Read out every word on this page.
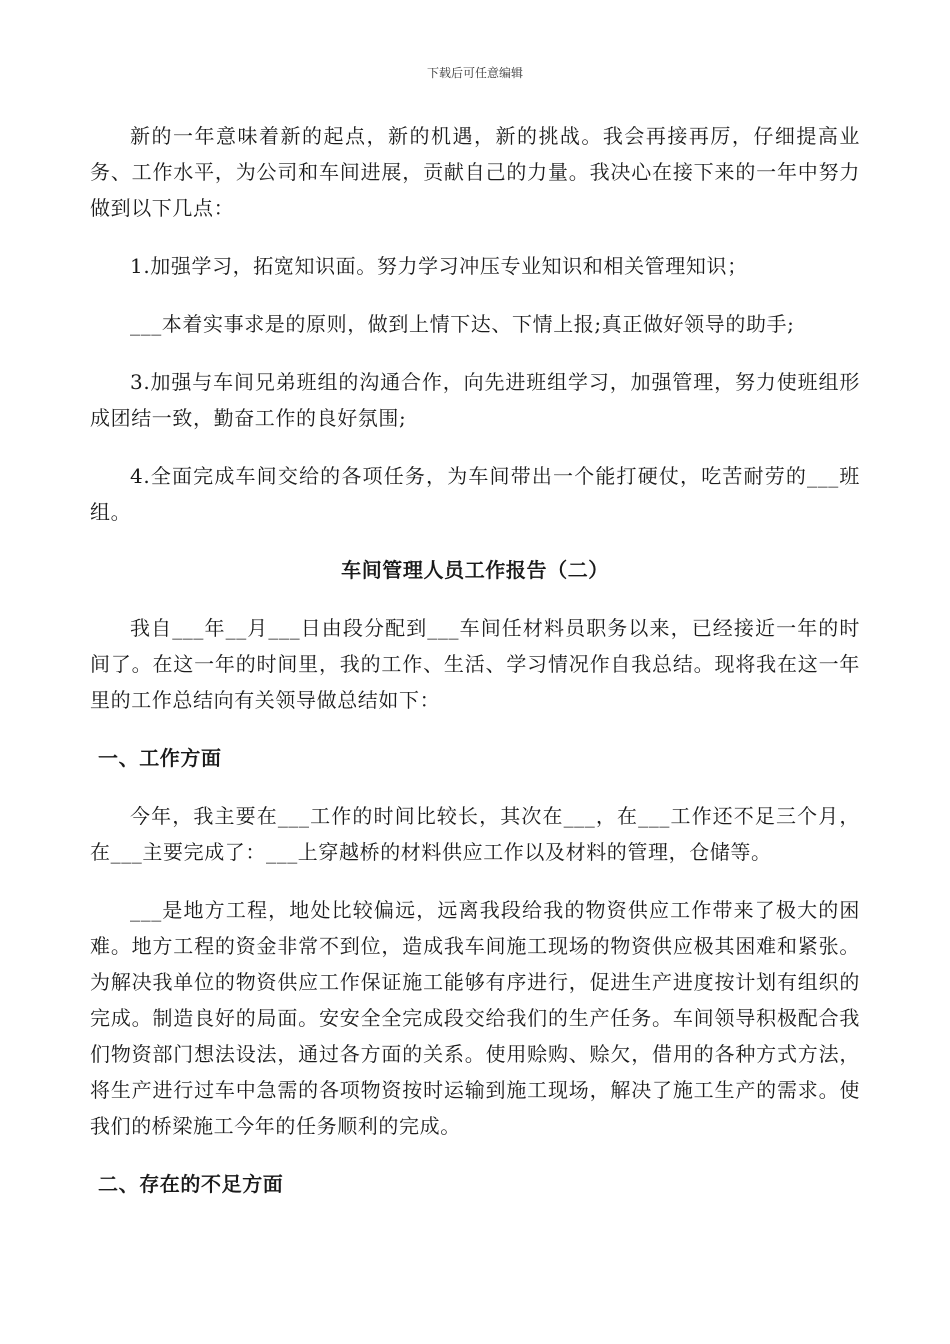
下载后可任意编辑

新的一年意味着新的起点，新的机遇，新的挑战。我会再接再厉，仔细提高业务、工作水平，为公司和车间进展，贡献自己的力量。我决心在接下来的一年中努力做到以下几点：

1.加强学习，拓宽知识面。努力学习冲压专业知识和相关管理知识；

___本着实事求是的原则，做到上情下达、下情上报;真正做好领导的助手;

3.加强与车间兄弟班组的沟通合作，向先进班组学习，加强管理，努力使班组形成团结一致，勤奋工作的良好氛围;

4.全面完成车间交给的各项任务，为车间带出一个能打硬仗，吃苦耐劳的___班组。

车间管理人员工作报告（二）

我自___年__月___日由段分配到___车间任材料员职务以来，已经接近一年的时间了。在这一年的时间里，我的工作、生活、学习情况作自我总结。现将我在这一年里的工作总结向有关领导做总结如下：

一、工作方面

今年，我主要在___工作的时间比较长，其次在___，在___工作还不足三个月，在___主要完成了：___上穿越桥的材料供应工作以及材料的管理，仓储等。

___是地方工程，地处比较偏远，远离我段给我的物资供应工作带来了极大的困难。地方工程的资金非常不到位，造成我车间施工现场的物资供应极其困难和紧张。为解决我单位的物资供应工作保证施工能够有序进行，促进生产进度按计划有组织的完成。制造良好的局面。安安全全完成段交给我们的生产任务。车间领导积极配合我们物资部门想法设法，通过各方面的关系。使用赊购、赊欠，借用的各种方式方法，将生产进行过车中急需的各项物资按时运输到施工现场，解决了施工生产的需求。使我们的桥梁施工今年的任务顺利的完成。

二、存在的不足方面
